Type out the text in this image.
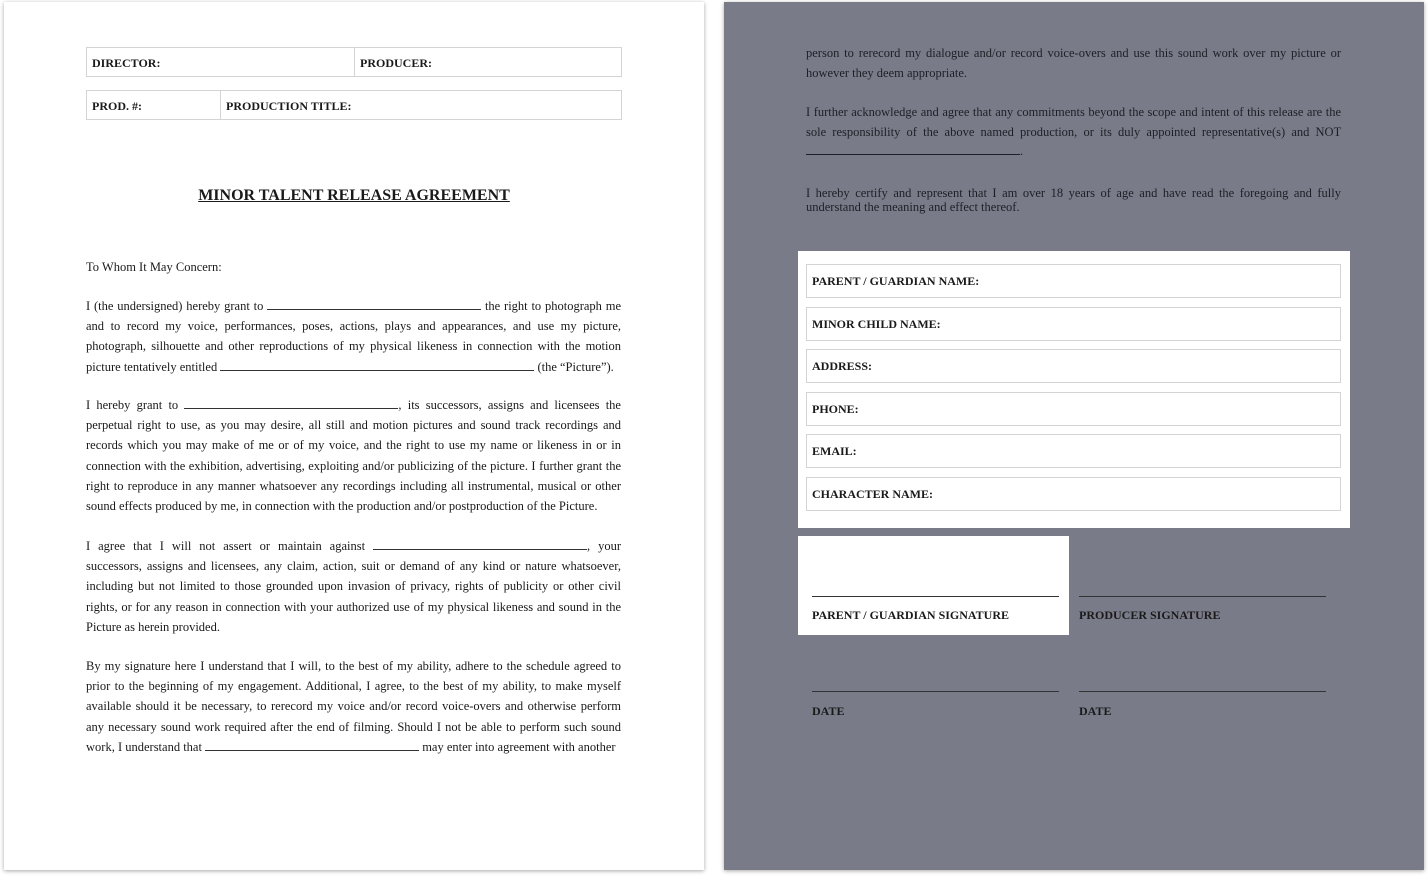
DIRECTOR:	PRODUCER:
PROD. #:	PRODUCTION TITLE:
MINOR TALENT RELEASE AGREEMENT
To Whom It May Concern:

I (the undersigned) hereby grant to	the right to photograph me and to record my voice, performances, poses, actions, plays and appearances, and use my picture, photograph, silhouette and other reproductions of my physical likeness in connection with the motion picture tentatively entitled	(the “Picture”).

I hereby grant to	, its successors, assigns and licensees the perpetual right to use, as you may desire, all still and motion pictures and sound track recordings and records which you may make of me or of my voice, and the right to use my name or likeness in or in connection with the exhibition, advertising, exploiting and/or publicizing of the picture. I further grant the right to reproduce in any manner whatsoever any recordings including all instrumental, musical or other sound effects produced by me, in connection with the production and/or postproduction of the Picture.

I agree that I will not assert or maintain against	, your successors, assigns and licensees, any claim, action, suit or demand of any kind or nature whatsoever, including but not limited to those grounded upon invasion of privacy, rights of publicity or other civil rights, or for any reason in connection with your authorized use of my physical likeness and sound in the Picture as herein provided.

By my signature here I understand that I will, to the best of my ability, adhere to the schedule agreed to prior to the beginning of my engagement. Additional, I agree, to the best of my ability, to make myself available should it be necessary, to rerecord my voice and/or record voice-overs and otherwise perform any necessary sound work required after the end of filming. Should I not be able to perform such sound work, I understand that	may enter into agreement with another

person to rerecord my dialogue and/or record voice-overs and use this sound work over my picture or however they deem appropriate.

I further acknowledge and agree that any commitments beyond the scope and intent of this release are the sole responsibility of the above named production, or its duly appointed representative(s) and NOT .

I hereby certify and represent that I am over 18 years of age and have read the foregoing and fully understand the meaning and effect thereof.

PARENT / GUARDIAN NAME:
MINOR CHILD NAME:
ADDRESS:
PHONE:
EMAIL:
CHARACTER NAME:
PARENT / GUARDIAN SIGNATURE	PRODUCER SIGNATURE
DATE	DATE
